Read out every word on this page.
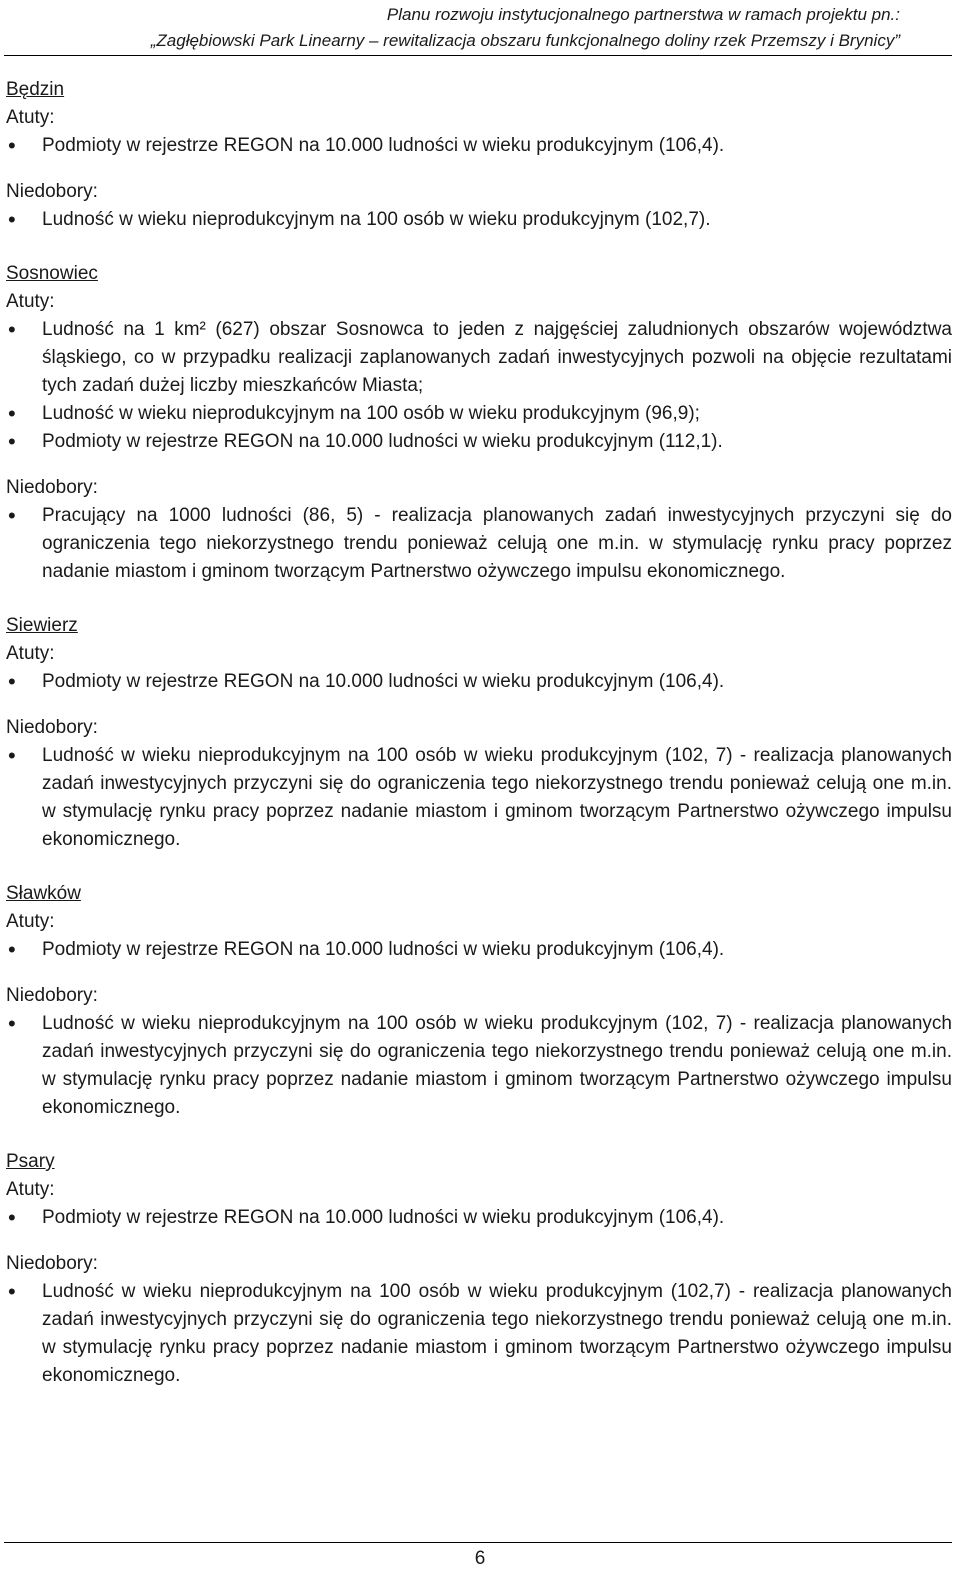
Planu rozwoju instytucjonalnego partnerstwa w ramach projektu pn.:
„Zagłębiowski Park Linearny – rewitalizacja obszaru funkcjonalnego doliny rzek Przemszy i Brynicy”
Będzin
Atuty:
• Podmioty w rejestrze REGON na 10.000 ludności w wieku produkcyjnym (106,4).
Niedobory:
• Ludność w wieku nieprodukcyjnym na 100 osób w wieku produkcyjnym (102,7).
Sosnowiec
Atuty:
• Ludność na 1 km² (627) obszar Sosnowca to jeden z najgęściej zaludnionych obszarów województwa śląskiego, co w przypadku realizacji zaplanowanych zadań inwestycyjnych pozwoli na objęcie rezultatami tych zadań dużej liczby mieszkańców Miasta;
• Ludność w wieku nieprodukcyjnym na 100 osób w wieku produkcyjnym (96,9);
• Podmioty w rejestrze REGON na 10.000 ludności w wieku produkcyjnym (112,1).
Niedobory:
• Pracujący na 1000 ludności (86, 5) - realizacja planowanych zadań inwestycyjnych przyczyni się do ograniczenia tego niekorzystnego trendu ponieważ celują one m.in. w stymulację rynku pracy poprzez nadanie miastom i gminom tworzącym Partnerstwo ożywczego impulsu ekonomicznego.
Siewierz
Atuty:
• Podmioty w rejestrze REGON na 10.000 ludności w wieku produkcyjnym (106,4).
Niedobory:
• Ludność w wieku nieprodukcyjnym na 100 osób w wieku produkcyjnym (102, 7) - realizacja planowanych zadań inwestycyjnych przyczyni się do ograniczenia tego niekorzystnego trendu ponieważ celują one m.in. w stymulację rynku pracy poprzez nadanie miastom i gminom tworzącym Partnerstwo ożywczego impulsu ekonomicznego.
Sławków
Atuty:
• Podmioty w rejestrze REGON na 10.000 ludności w wieku produkcyjnym (106,4).
Niedobory:
• Ludność w wieku nieprodukcyjnym na 100 osób w wieku produkcyjnym (102, 7) - realizacja planowanych zadań inwestycyjnych przyczyni się do ograniczenia tego niekorzystnego trendu ponieważ celują one m.in. w stymulację rynku pracy poprzez nadanie miastom i gminom tworzącym Partnerstwo ożywczego impulsu ekonomicznego.
Psary
Atuty:
• Podmioty w rejestrze REGON na 10.000 ludności w wieku produkcyjnym (106,4).
Niedobory:
• Ludność w wieku nieprodukcyjnym na 100 osób w wieku produkcyjnym (102,7) - realizacja planowanych zadań inwestycyjnych przyczyni się do ograniczenia tego niekorzystnego trendu ponieważ celują one m.in. w stymulację rynku pracy poprzez nadanie miastom i gminom tworzącym Partnerstwo ożywczego impulsu ekonomicznego.
6
